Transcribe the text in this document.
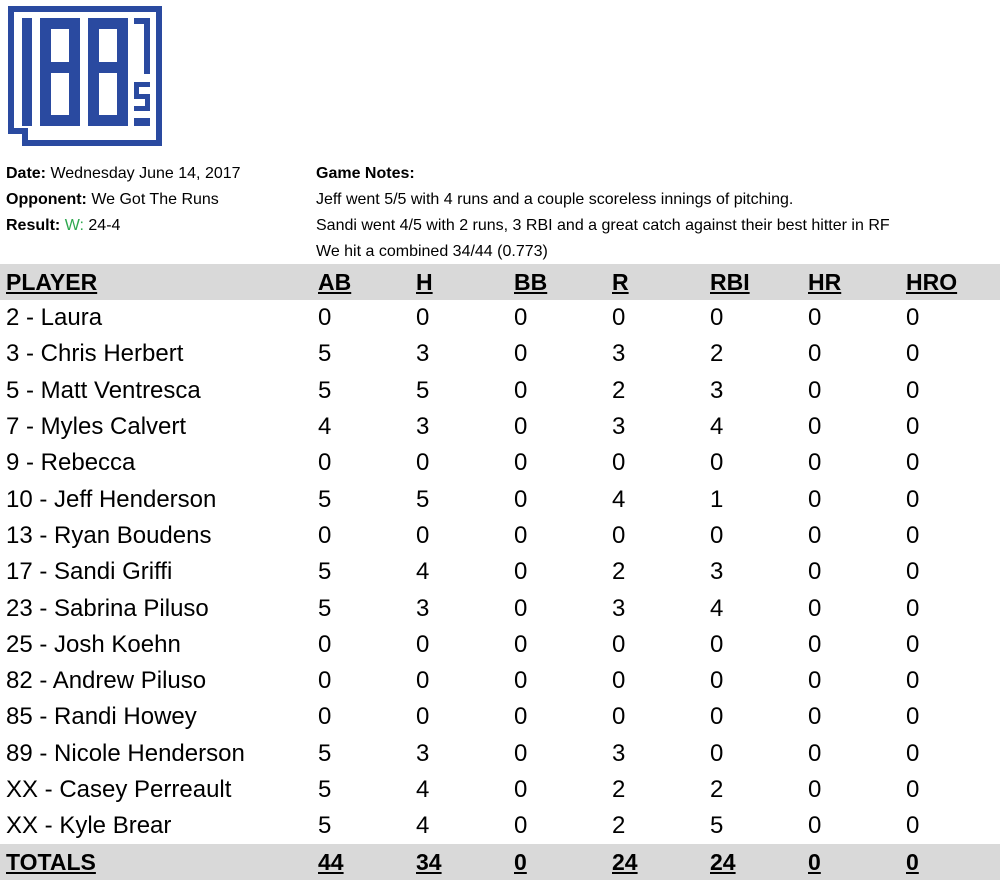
Date: Wednesday June 14, 2017
Opponent: We Got The Runs
Result: W: 24-4
Game Notes:
Jeff went 5/5 with 4 runs and a couple scoreless innings of pitching.
Sandi went 4/5 with 2 runs, 3 RBI and a great catch against their best hitter in RF
We hit a combined 34/44 (0.773)
PLAYER	AB	H	BB	R	RBI	HR	HRO
2 - Laura	0	0	0	0	0	0	0
3 - Chris Herbert	5	3	0	3	2	0	0
5 - Matt Ventresca	5	5	0	2	3	0	0
7 - Myles Calvert	4	3	0	3	4	0	0
9 - Rebecca	0	0	0	0	0	0	0
10 - Jeff Henderson	5	5	0	4	1	0	0
13 - Ryan Boudens	0	0	0	0	0	0	0
17 - Sandi Griffi	5	4	0	2	3	0	0
23 - Sabrina Piluso	5	3	0	3	4	0	0
25 - Josh Koehn	0	0	0	0	0	0	0
82 - Andrew Piluso	0	0	0	0	0	0	0
85 - Randi Howey	0	0	0	0	0	0	0
89 - Nicole Henderson	5	3	0	3	0	0	0
XX - Casey Perreault	5	4	0	2	2	0	0
XX - Kyle Brear	5	4	0	2	5	0	0
TOTALS	44	34	0	24	24	0	0
